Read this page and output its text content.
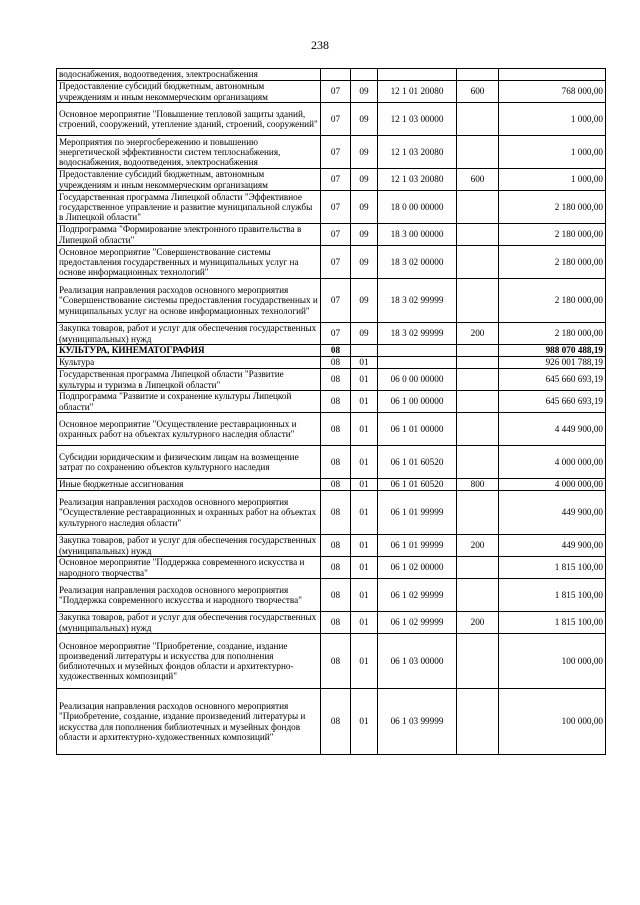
238
водоснабжения, водоотведения, электроснабжения					
Предоставление субсидий бюджетным, автономным учреждениям и иным некоммерческим организациям	07	09	12 1 01 20080	600	768 000,00
Основное мероприятие "Повышение тепловой защиты зданий, строений, сооружений, утепление зданий, строений, сооружений"	07	09	12 1 03 00000		1 000,00
Мероприятия по энергосбережению и повышению энергетической эффективности систем теплоснабжения, водоснабжения, водоотведения, электроснабжения	07	09	12 1 03 20080		1 000,00
Предоставление субсидий бюджетным, автономным учреждениям и иным некоммерческим организациям	07	09	12 1 03 20080	600	1 000,00
Государственная программа Липецкой области "Эффективное государственное управление и развитие муниципальной службы в Липецкой области"	07	09	18 0 00 00000		2 180 000,00
Подпрограмма "Формирование электронного правительства в Липецкой области"	07	09	18 3 00 00000		2 180 000,00
Основное мероприятие "Совершенствование системы предоставления государственных и муниципальных услуг на основе информационных технологий"	07	09	18 3 02 00000		2 180 000,00
Реализация направления расходов основного мероприятия "Совершенствование системы предоставления государственных и муниципальных услуг на основе информационных технологий"	07	09	18 3 02 99999		2 180 000,00
Закупка товаров, работ и услуг для обеспечения государственных (муниципальных) нужд	07	09	18 3 02 99999	200	2 180 000,00
КУЛЬТУРА, КИНЕМАТОГРАФИЯ	08				988 070 488,19
Культура	08	01			926 001 788,19
Государственная программа Липецкой области "Развитие культуры и туризма в Липецкой области"	08	01	06 0 00 00000		645 660 693,19
Подпрограмма "Развитие и сохранение культуры Липецкой области"	08	01	06 1 00 00000		645 660 693,19
Основное мероприятие "Осуществление реставрационных и охранных работ на объектах культурного наследия области"	08	01	06 1 01 00000		4 449 900,00
Субсидии юридическим и физическим лицам на возмещение затрат по сохранению объектов культурного наследия	08	01	06 1 01 60520		4 000 000,00
Иные бюджетные ассигнования	08	01	06 1 01 60520	800	4 000 000,00
Реализация направления расходов основного мероприятия "Осуществление реставрационных и охранных работ на объектах культурного наследия области"	08	01	06 1 01 99999		449 900,00
Закупка товаров, работ и услуг для обеспечения государственных (муниципальных) нужд	08	01	06 1 01 99999	200	449 900,00
Основное мероприятие "Поддержка современного искусства и народного творчества"	08	01	06 1 02 00000		1 815 100,00
Реализация направления расходов основного мероприятия "Поддержка современного искусства и народного творчества"	08	01	06 1 02 99999		1 815 100,00
Закупка товаров, работ и услуг для обеспечения государственных (муниципальных) нужд	08	01	06 1 02 99999	200	1 815 100,00
Основное мероприятие "Приобретение, создание, издание произведений литературы и искусства для пополнения библиотечных и музейных фондов области и архитектурно-художественных композиций"	08	01	06 1 03 00000		100 000,00
Реализация направления расходов основного мероприятия "Приобретение, создание, издание произведений литературы и искусства для пополнения библиотечных и музейных фондов области и архитектурно-художественных композиций"	08	01	06 1 03 99999		100 000,00
